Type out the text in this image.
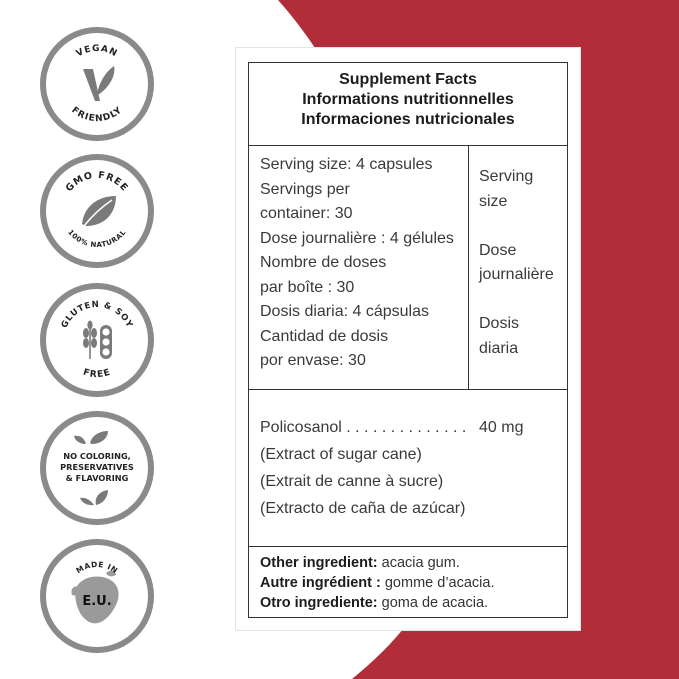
VEGAN
FRIENDLY
GMO FREE
100% NATURAL
GLUTEN & SOY
FREE
NO COLORING,
PRESERVATIVES
& FLAVORING
MADE IN
E.U.
Supplement Facts
Informations nutritionnelles
Informaciones nutricionales
Serving size: 4 capsules
Servings per
container: 30
Dose journalière : 4 gélules
Nombre de doses
par boîte : 30
Dosis diaria: 4 cápsulas
Cantidad de dosis
por envase: 30
Serving
size
Dose
journalière
Dosis
diaria
Policosanol . . . . . . . . . . . . . . 40 mg
(Extract of sugar cane)
(Extrait de canne à sucre)
(Extracto de caña de azúcar)
Other ingredient: acacia gum.
Autre ingrédient : gomme d’acacia.
Otro ingrediente: goma de acacia.
